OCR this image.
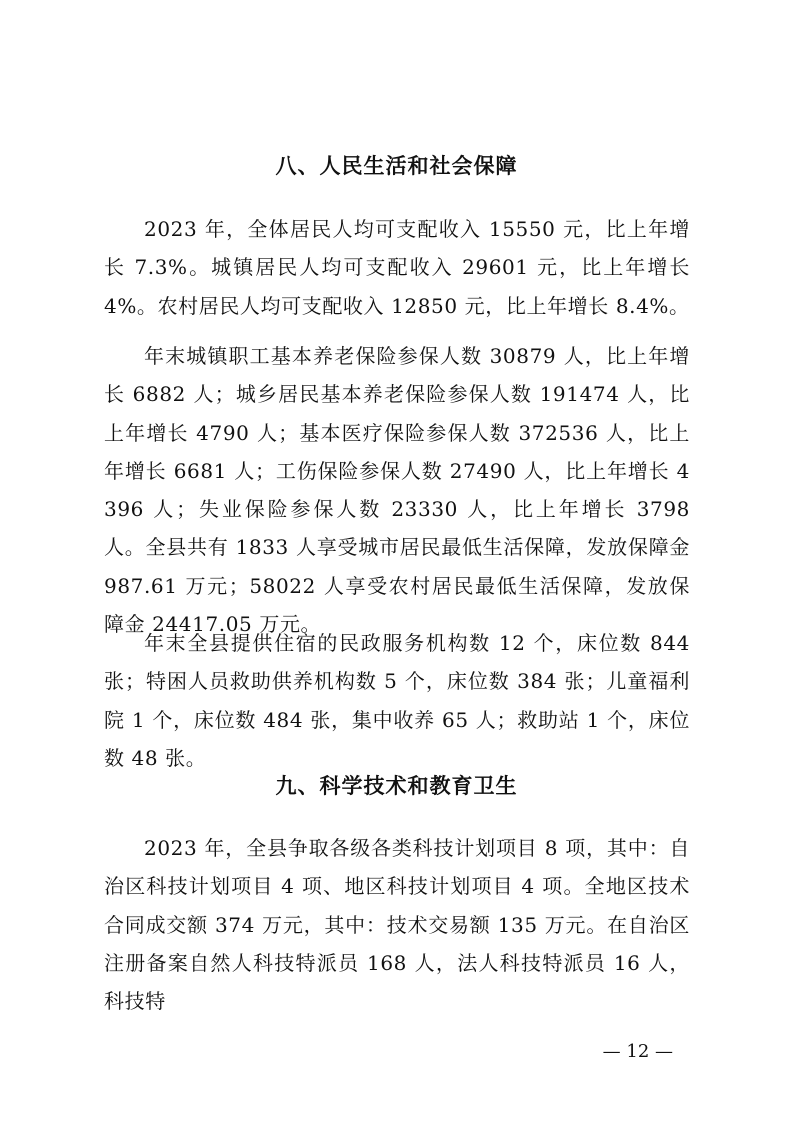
八、人民生活和社会保障

2023 年，全体居民人均可支配收入 15550 元，比上年增长 7.3%。城镇居民人均可支配收入 29601 元，比上年增长 4%。农村居民人均可支配收入 12850 元，比上年增长 8.4%。

年末城镇职工基本养老保险参保人数 30879 人，比上年增长 6882 人；城乡居民基本养老保险参保人数 191474 人，比上年增长 4790 人；基本医疗保险参保人数 372536 人，比上年增长 6681 人；工伤保险参保人数 27490 人，比上年增长 4396 人；失业保险参保人数 23330 人，比上年增长 3798 人。全县共有 1833 人享受城市居民最低生活保障，发放保障金 987.61 万元；58022 人享受农村居民最低生活保障，发放保障金 24417.05 万元。

年末全县提供住宿的民政服务机构数 12 个，床位数 844 张；特困人员救助供养机构数 5 个，床位数 384 张；儿童福利院 1 个，床位数 484 张，集中收养 65 人；救助站 1 个，床位数 48 张。

九、科学技术和教育卫生

2023 年，全县争取各级各类科技计划项目 8 项，其中：自治区科技计划项目 4 项、地区科技计划项目 4 项。全地区技术合同成交额 374 万元，其中：技术交易额 135 万元。在自治区注册备案自然人科技特派员 168 人，法人科技特派员 16 人，科技特

— 12 —
